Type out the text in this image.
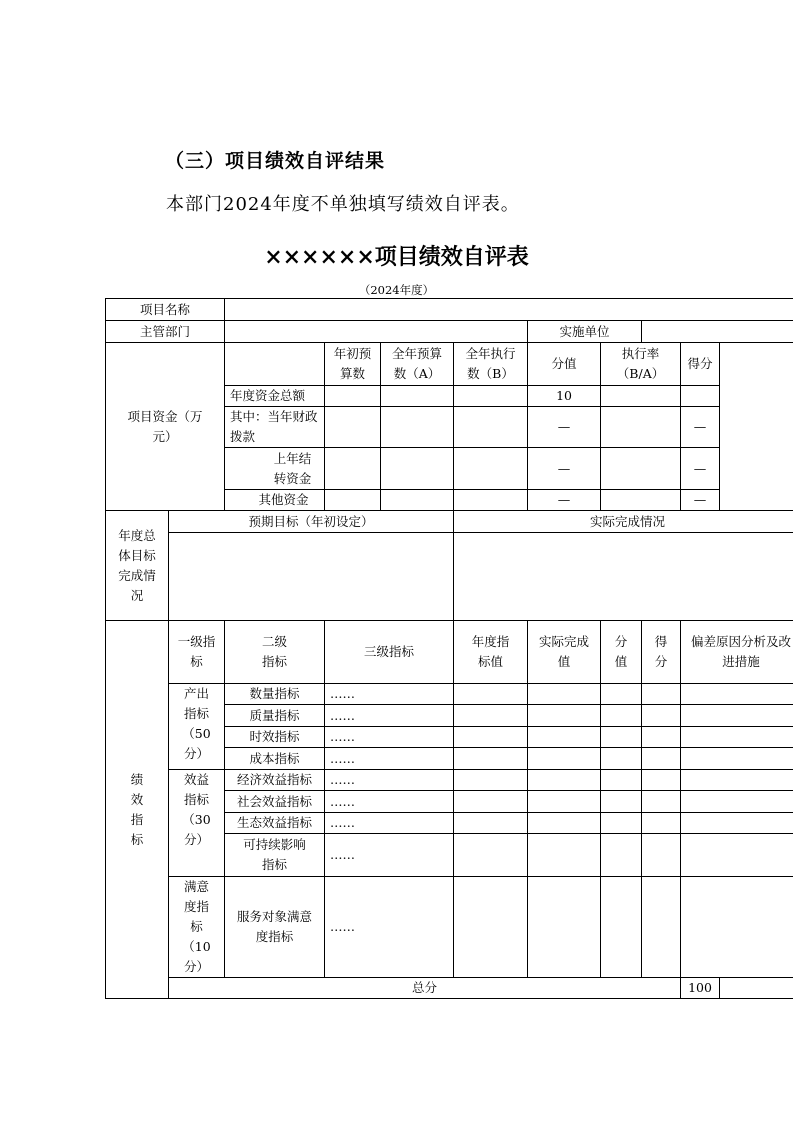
（三）项目绩效自评结果
本部门2024年度不单独填写绩效自评表。
××××××项目绩效自评表
（2024年度）
项目名称											
主管部门						实施单位					
项目资金（万元）			年初预算数	全年预算数（A）	全年执行数（B）	分值	执行率（B/A）		得分		
		年度资金总额				10					
		其中：当年财政拨款				—			—		
		上年结转资金				—			—		
		其他资金				—			—		
年度总体目标完成情况	预期目标（年初设定）				实际完成情况						

绩效指标	一级指标	二级指标	三级指标		年度指标值	实际完成值	分值	得分	偏差原因分析及改进措施		
	产出指标（50分）	数量指标	……								
		质量指标	……								
		时效指标	……								
		成本指标	……								
	效益指标（30分）	经济效益指标	……								
		社会效益指标	……								
		生态效益指标	……								
		可持续影响指标	……								
	满意度指标（10分）	服务对象满意度指标	……								
	总分								100		
